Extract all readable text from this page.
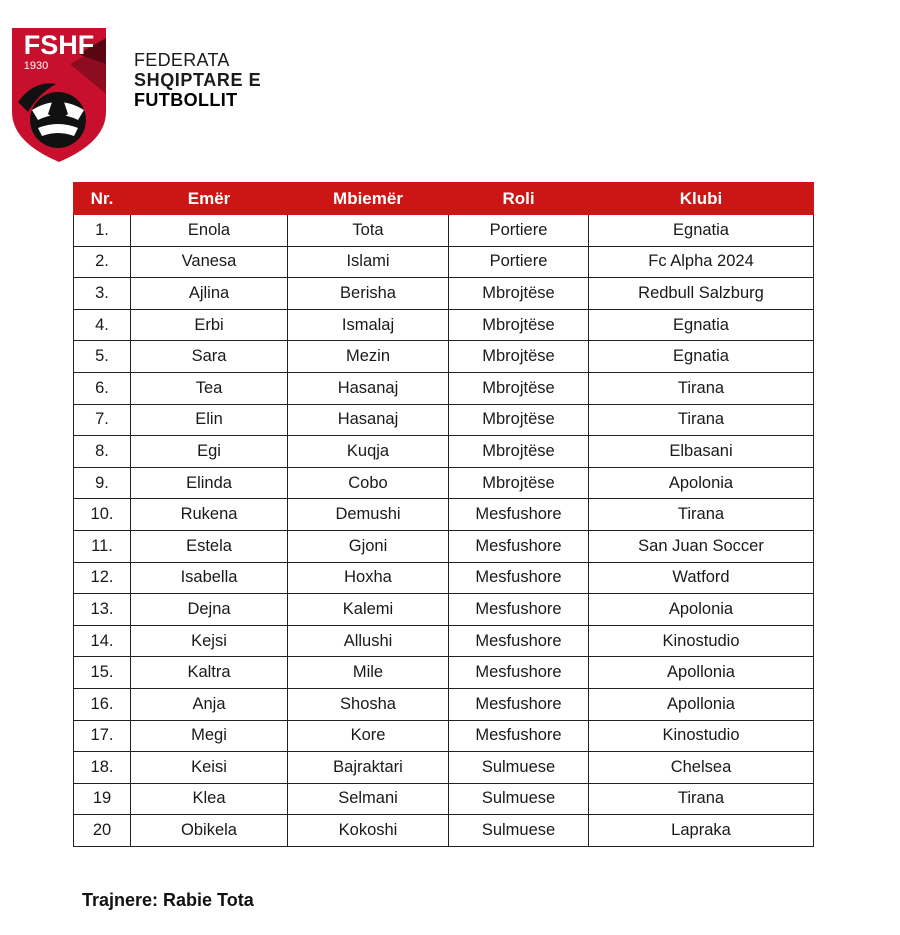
FSHF
1930	FEDERATA
SHQIPTARE E
FUTBOLLIT
Nr.	Emër	Mbiemër	Roli	Klubi
1.	Enola	Tota	Portiere	Egnatia
2.	Vanesa	Islami	Portiere	Fc Alpha 2024
3.	Ajlina	Berisha	Mbrojtëse	Redbull Salzburg
4.	Erbi	Ismalaj	Mbrojtëse	Egnatia
5.	Sara	Mezin	Mbrojtëse	Egnatia
6.	Tea	Hasanaj	Mbrojtëse	Tirana
7.	Elin	Hasanaj	Mbrojtëse	Tirana
8.	Egi	Kuqja	Mbrojtëse	Elbasani
9.	Elinda	Cobo	Mbrojtëse	Apolonia
10.	Rukena	Demushi	Mesfushore	Tirana
11.	Estela	Gjoni	Mesfushore	San Juan Soccer
12.	Isabella	Hoxha	Mesfushore	Watford
13.	Dejna	Kalemi	Mesfushore	Apolonia
14.	Kejsi	Allushi	Mesfushore	Kinostudio
15.	Kaltra	Mile	Mesfushore	Apollonia
16.	Anja	Shosha	Mesfushore	Apollonia
17.	Megi	Kore	Mesfushore	Kinostudio
18.	Keisi	Bajraktari	Sulmuese	Chelsea
19	Klea	Selmani	Sulmuese	Tirana
20	Obikela	Kokoshi	Sulmuese	Lapraka
Trajnere: Rabie Tota
